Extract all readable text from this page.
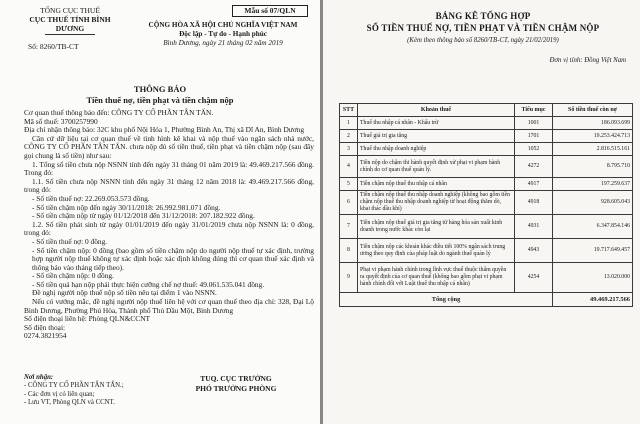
TỔNG CỤC THUẾ
CỤC THUẾ TỈNH BÌNH DƯƠNG
Số: 8260/TB-CT
Mẫu số 07/QLN
CỘNG HÒA XÃ HỘI CHỦ NGHĨA VIỆT NAM
Độc lập - Tự do - Hạnh phúc
Bình Dương, ngày 21 tháng 02 năm 2019
THÔNG BÁO
Tiền thuế nợ, tiền phạt và tiền chậm nộp

Cơ quan thuế thông báo đến: CÔNG TY CỔ PHẦN TÂN TẤN.

Mã số thuế: 3700257990

Địa chỉ nhận thông báo: 32C khu phố Nội Hóa 1, Phường Bình An, Thị xã Dĩ An, Bình Dương

Căn cứ dữ liệu tại cơ quan thuế về tình hình kê khai và nộp thuế vào ngân sách nhà nước, CÔNG TY CỔ PHẦN TÂN TẤN. chưa nộp đủ số tiền thuế, tiền phạt và tiền chậm nộp (sau đây gọi chung là số tiền) như sau:

1. Tổng số tiền chưa nộp NSNN tính đến ngày 31 tháng 01 năm 2019 là: 49.469.217.566 đồng. Trong đó:

1.1. Số tiền chưa nộp NSNN tính đến ngày 31 tháng 12 năm 2018 là: 49.469.217.566 đồng, trong đó:

- Số tiền thuế nợ: 22.269.053.573 đồng.

- Số tiền chậm nộp đến ngày 30/11/2018: 26.992.981.071 đồng.

- Số tiền chậm nộp từ ngày 01/12/2018 đến 31/12/2018: 207.182.922 đồng.

1.2. Số tiền phát sinh từ ngày 01/01/2019 đến ngày 31/01/2019 chưa nộp NSNN là: 0 đồng, trong đó:

- Số tiền thuế nợ: 0 đồng.

- Số tiền chậm nộp: 0 đồng (bao gồm số tiền chậm nộp do người nộp thuế tự xác định, trường hợp người nộp thuế không tự xác định hoặc xác định không đúng thì cơ quan thuế xác định và thông báo vào tháng tiếp theo).

- Số tiền chậm nộp: 0 đồng.

- Số tiền quá hạn nộp phải thực hiện cưỡng chế nợ thuế: 49.061.535.041 đồng.

Đề nghị người nộp thuế nộp số tiền nêu tại điểm 1 vào NSNN.

Nếu có vướng mắc, đề nghị người nộp thuế liên hệ với cơ quan thuế theo địa chỉ: 328, Đại Lộ Bình Dương, Phường Phú Hòa, Thành phố Thủ Dầu Một, Bình Dương

Số điện thoại liên hệ: Phòng QLN&CCNT

Số điện thoại:

0274.3821954

Nơi nhận:
- CÔNG TY CỔ PHẦN TÂN TẤN.;
- Các đơn vị có liên quan;
- Lưu VT, Phòng QLN và CCNT.
TUQ. CỤC TRƯỞNG
PHÓ TRƯỞNG PHÒNG
BẢNG KÊ TỔNG HỢP
SỐ TIỀN THUẾ NỢ, TIỀN PHẠT VÀ TIỀN CHẬM NỘP
(Kèm theo thông báo số 8260/TB-CT, ngày 21/02/2019)
Đơn vị tính: Đồng Việt Nam
STT	Khoản thuế	Tiểu mục	Số tiền thuế còn nợ
1	Thuế thu nhập cá nhân - Khấu trừ	1001	186.093.699
2	Thuế giá trị gia tăng	1701	19.253.424.713
3	Thuế thu nhập doanh nghiệp	1052	2.816.515.161
4	Tiền nộp do chậm thi hành quyết định xử phạt vi phạm hành chính do cơ quan thuế quản lý.	4272	8.795.710
5	Tiền chậm nộp thuế thu nhập cá nhân	4917	197.259.637
6	Tiền chậm nộp thuế thu nhập doanh nghiệp (không bao gồm tiền chậm nộp thuế thu nhập doanh nghiệp từ hoạt động thăm dò, khai thác dầu khí)	4918	928.605.043
7	Tiền chậm nộp thuế giá trị gia tăng từ hàng hóa sản xuất kinh doanh trong nước khác còn lại	4931	6.347.854.146
8	Tiền chậm nộp các khoản khác điều tiết 100% ngân sách trung ương theo quy định của pháp luật do ngành thuế quản lý	4943	19.717.649.457
9	Phạt vi phạm hành chính trong lĩnh vực thuế thuộc thẩm quyền ra quyết định của cơ quan thuế (không bao gồm phạt vi phạm hành chính đối với Luật thuế thu nhập cá nhân)	4254	13.020.000
Tổng cộng			49.469.217.566
